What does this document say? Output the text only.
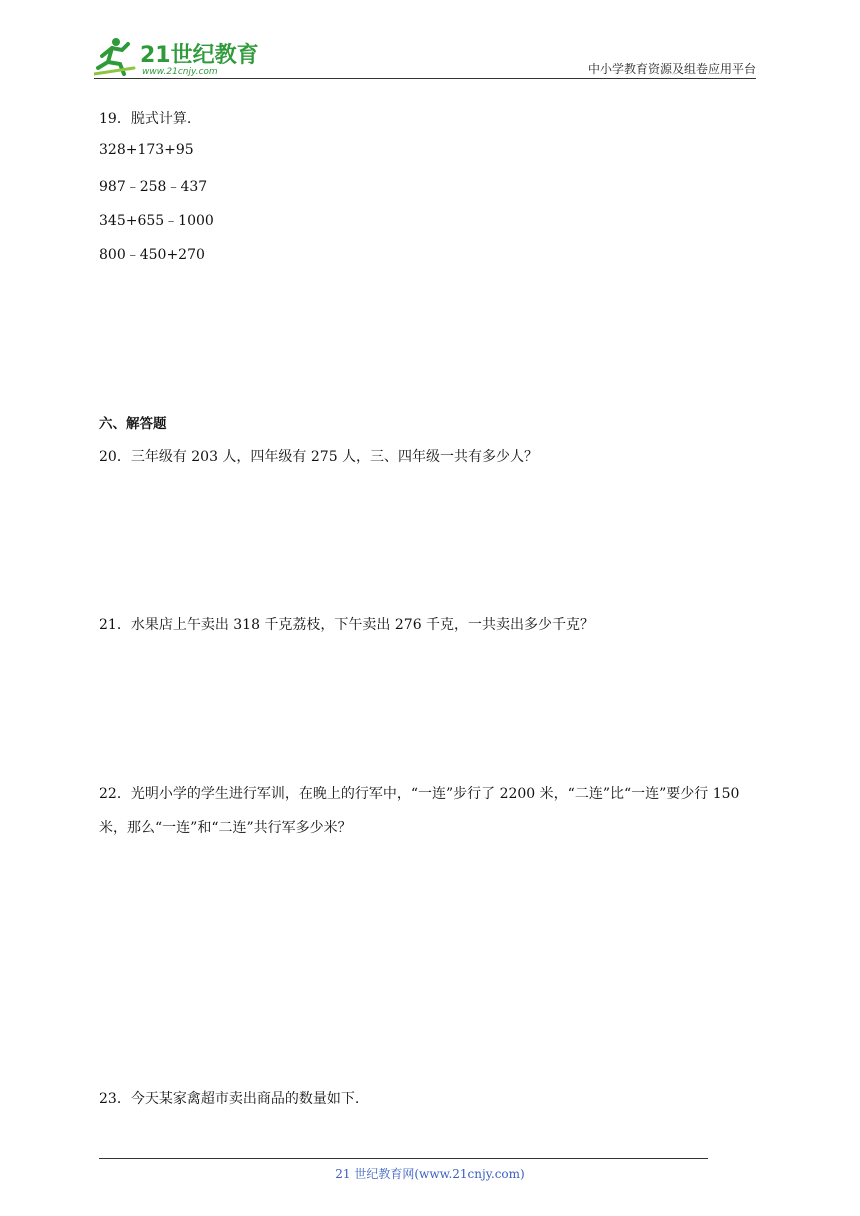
21世纪教育
www.21cnjy.com	中小学教育资源及组卷应用平台
19．脱式计算.
328+173+95
987﹣258﹣437
345+655﹣1000
800﹣450+270
六、解答题
20．三年级有 203 人，四年级有 275 人，三、四年级一共有多少人？
21．水果店上午卖出 318 千克荔枝，下午卖出 276 千克，一共卖出多少千克？
22．光明小学的学生进行军训，在晚上的行军中，“一连”步行了 2200 米，“二连”比“一连”要少行 150
米，那么“一连”和“二连”共行军多少米？
23．今天某家禽超市卖出商品的数量如下.
21 世纪教育网(www.21cnjy.com)
